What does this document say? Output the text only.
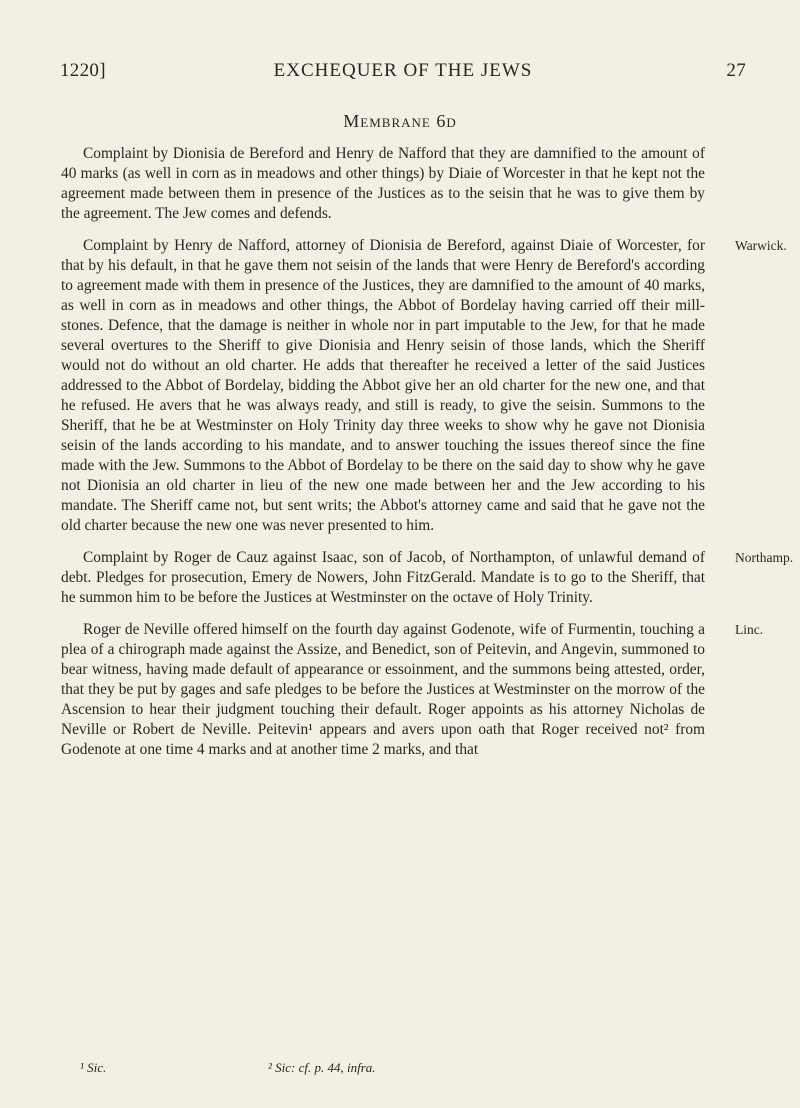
1220]	EXCHEQUER OF THE JEWS	27
Membrane 6d

Complaint by Dionisia de Bereford and Henry de Nafford that they are damnified to the amount of 40 marks (as well in corn as in meadows and other things) by Diaie of Worcester in that he kept not the agreement made between them in presence of the Justices as to the seisin that he was to give them by the agreement. The Jew comes and defends.

Complaint by Henry de Nafford, attorney of Dionisia de Bereford, against Diaie of Worcester, for that by his default, in that he gave them not seisin of the lands that were Henry de Bereford's according to agreement made with them in presence of the Justices, they are damnified to the amount of 40 marks, as well in corn as in meadows and other things, the Abbot of Bordelay having carried off their mill-stones. Defence, that the damage is neither in whole nor in part imputable to the Jew, for that he made several overtures to the Sheriff to give Dionisia and Henry seisin of those lands, which the Sheriff would not do without an old charter. He adds that thereafter he received a letter of the said Justices addressed to the Abbot of Bordelay, bidding the Abbot give her an old charter for the new one, and that he refused. He avers that he was always ready, and still is ready, to give the seisin. Summons to the Sheriff, that he be at Westminster on Holy Trinity day three weeks to show why he gave not Dionisia seisin of the lands according to his mandate, and to answer touching the issues thereof since the fine made with the Jew. Summons to the Abbot of Bordelay to be there on the said day to show why he gave not Dionisia an old charter in lieu of the new one made between her and the Jew according to his mandate. The Sheriff came not, but sent writs; the Abbot's attorney came and said that he gave not the old charter because the new one was never presented to him.
Warwick.

Complaint by Roger de Cauz against Isaac, son of Jacob, of Northampton, of unlawful demand of debt. Pledges for prosecution, Emery de Nowers, John FitzGerald. Mandate is to go to the Sheriff, that he summon him to be before the Justices at Westminster on the octave of Holy Trinity.
Northamp.

Roger de Neville offered himself on the fourth day against Godenote, wife of Furmentin, touching a plea of a chirograph made against the Assize, and Benedict, son of Peitevin, and Angevin, summoned to bear witness, having made default of appearance or essoinment, and the summons being attested, order, that they be put by gages and safe pledges to be before the Justices at Westminster on the morrow of the Ascension to hear their judgment touching their default. Roger appoints as his attorney Nicholas de Neville or Robert de Neville. Peitevin¹ appears and avers upon oath that Roger received not² from Godenote at one time 4 marks and at another time 2 marks, and that
Linc.

¹ Sic.	² Sic: cf. p. 44, infra.
